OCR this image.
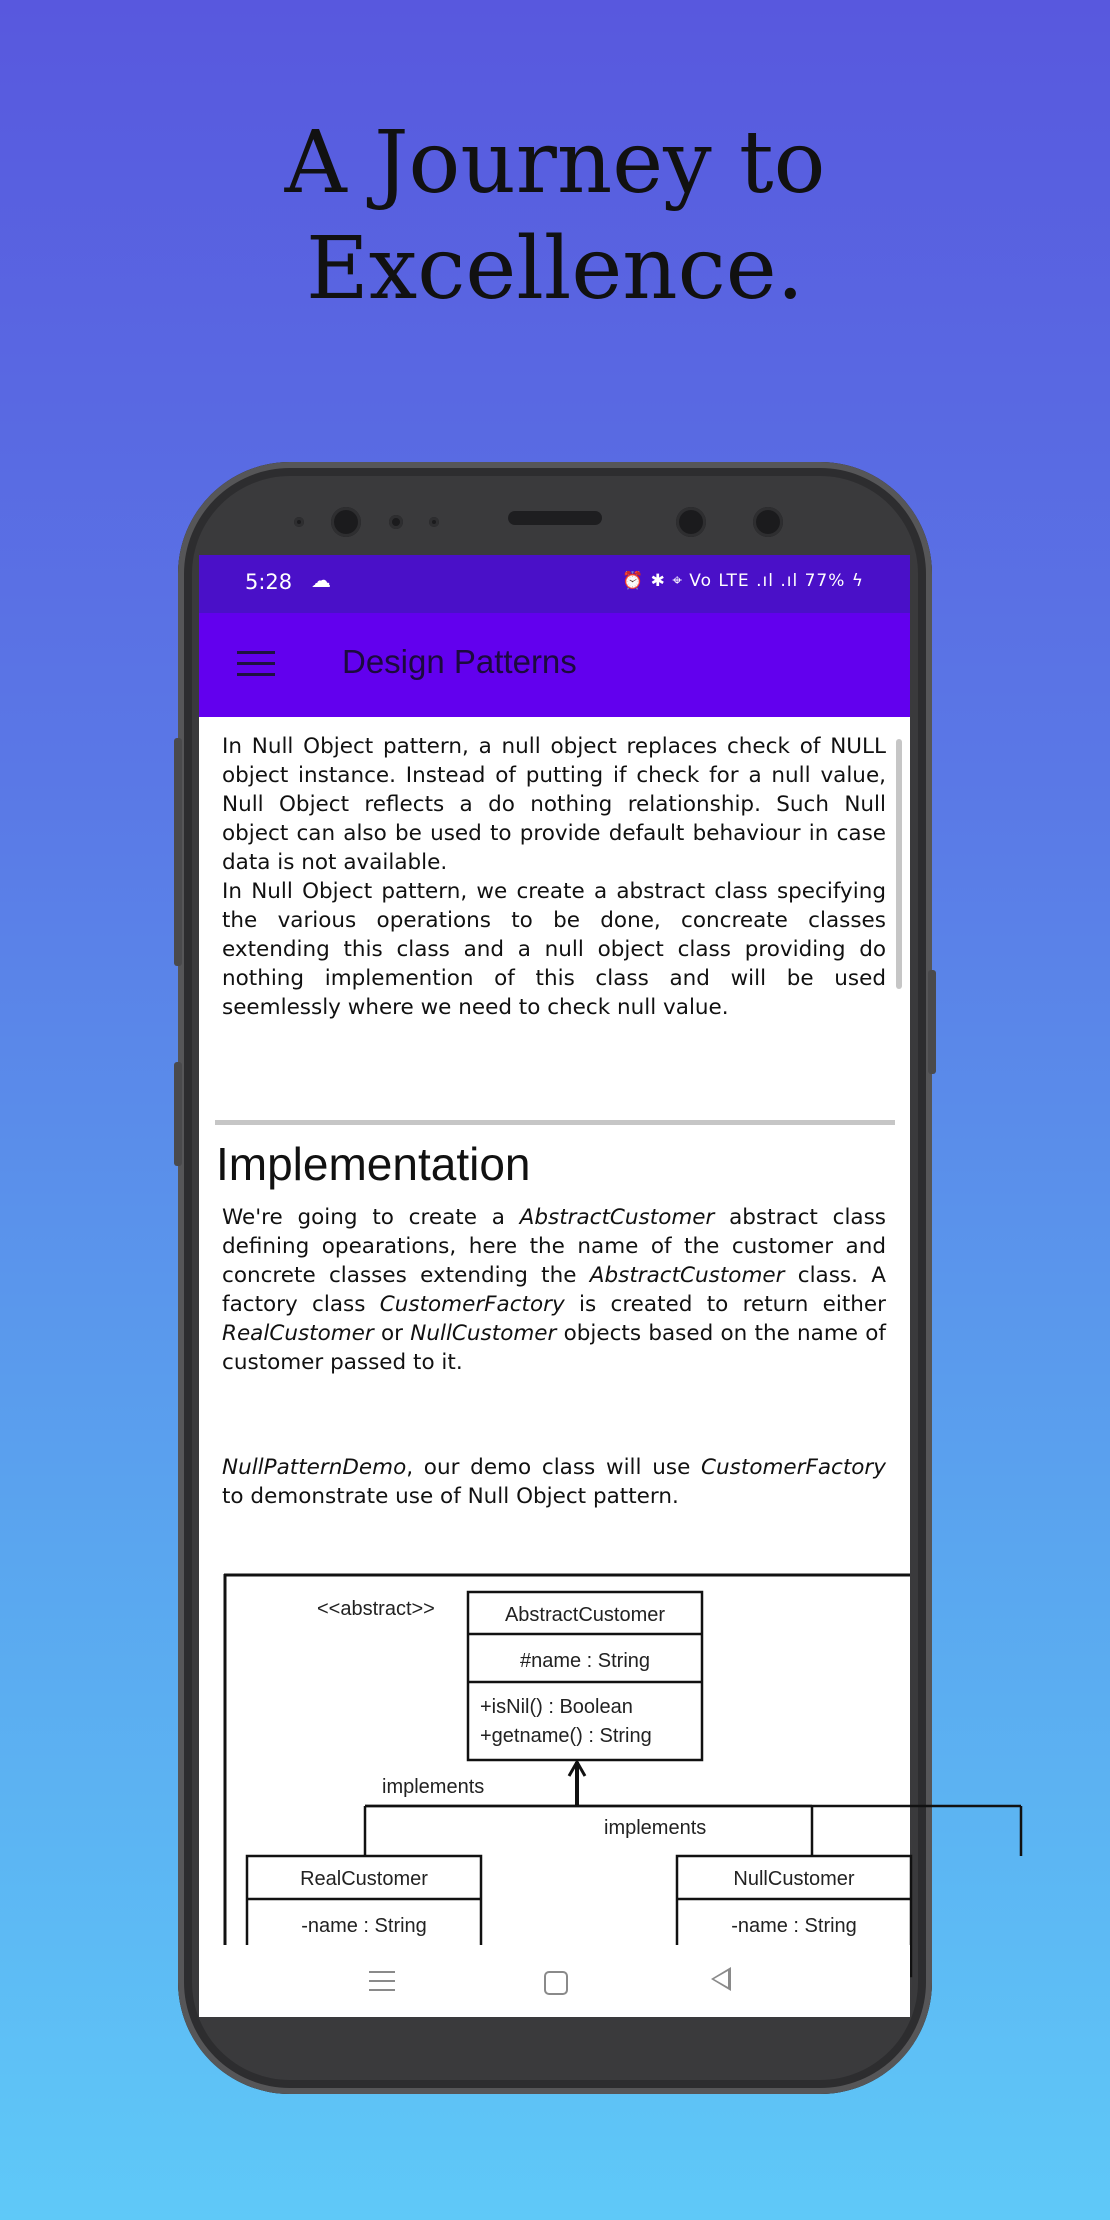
A Journey to
Excellence.
5:28 ☁	⏰ ✱ ⌖ Vo LTE .ıl .ıl 77% ϟ
Design Patterns

In Null Object pattern, a null object replaces check of NULL object instance. Instead of putting if check for a null value, Null Object reflects a do nothing relationship. Such Null object can also be used to provide default behaviour in case data is not available.

In Null Object pattern, we create a abstract class specifying the various operations to be done, concreate classes extending this class and a null object class providing do nothing implemention of this class and will be used seemlessly where we need to check null value.

Implementation

We're going to create a AbstractCustomer abstract class defining opearations, here the name of the customer and concrete classes extending the AbstractCustomer class. A factory class CustomerFactory is created to return either RealCustomer or NullCustomer objects based on the name of customer passed to it.

NullPatternDemo, our demo class will use CustomerFactory to demonstrate use of Null Object pattern.

<<abstract>>	AbstractCustomer
#name : String
+isNil() : Boolean
+getname() : String
implements
implements
RealCustomer
-name : String
NullCustomer
-name : String
